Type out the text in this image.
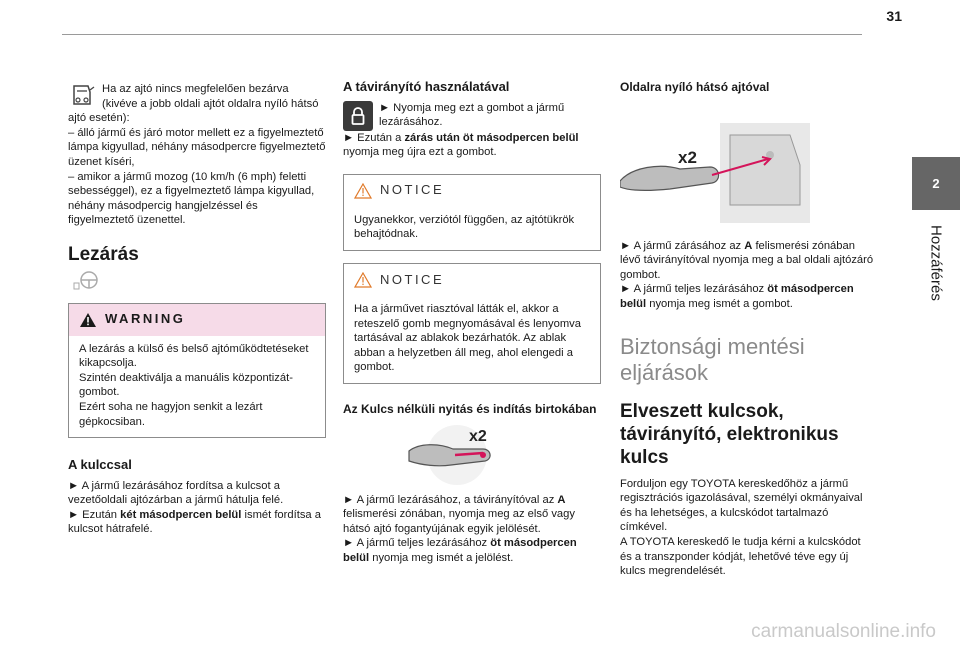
31
2
Hozzáférés

Ha az ajtó nincs megfelelően bezárva (kivéve a jobb oldali ajtót oldalra nyíló hátsó ajtó esetén):

– álló jármű és járó motor mellett ez a figyelmeztető lámpa kigyullad, néhány másodpercre figyelmeztető üzenet kíséri,

– amikor a jármű mozog (10 km/h (6 mph) feletti sebességgel), ez a figyelmeztető lámpa kigyullad, néhány másodpercig hangjelzéssel és figyelmeztető üzenettel.

Lezárás
WARNING
A lezárás a külső és belső ajtóműködtetéseket kikapcsolja.
Szintén deaktiválja a manuális központizát-gombot.
Ezért soha ne hagyjon senkit a lezárt gépkocsiban.
A kulccsal

► A jármű lezárásához fordítsa a kulcsot a vezetőoldali ajtózárban a jármű hátulja felé.

► Ezután két másodpercen belül ismét fordítsa a kulcsot hátrafelé.

A távirányító használatával

► Nyomja meg ezt a gombot a jármű lezárásához.

► Ezután a zárás után öt másodpercen belül nyomja meg újra ezt a gombot.

NOTICE
Ugyanekkor, verziótól függően, az ajtótükrök behajtódnak.
NOTICE
Ha a járművet riasztóval látták el, akkor a reteszelő gomb megnyomásával és lenyomva tartásával az ablakok bezárhatók. Az ablak abban a helyzetben áll meg, ahol elengedi a gombot.
Az Kulcs nélküli nyitás és indítás birtokában
x2

► A jármű lezárásához, a távirányítóval az A felismerési zónában, nyomja meg az első vagy hátsó ajtó fogantyújának egyik jelölését.

► A jármű teljes lezárásához öt másodpercen belül nyomja meg ismét a jelölést.

Oldalra nyíló hátsó ajtóval
x2

► A jármű zárásához az A felismerési zónában lévő távirányítóval nyomja meg a bal oldali ajtózáró gombot.

► A jármű teljes lezárásához öt másodpercen belül nyomja meg ismét a gombot.

Biztonsági mentési eljárások
Elveszett kulcsok, távirányító, elektronikus kulcs

Forduljon egy TOYOTA kereskedőhöz a jármű regisztrációs igazolásával, személyi okmányaival és ha lehetséges, a kulcskódot tartalmazó címkével.

A TOYOTA kereskedő le tudja kérni a kulcskódot és a transzponder kódját, lehetővé téve egy új kulcs megrendelését.

carmanualsonline.info
